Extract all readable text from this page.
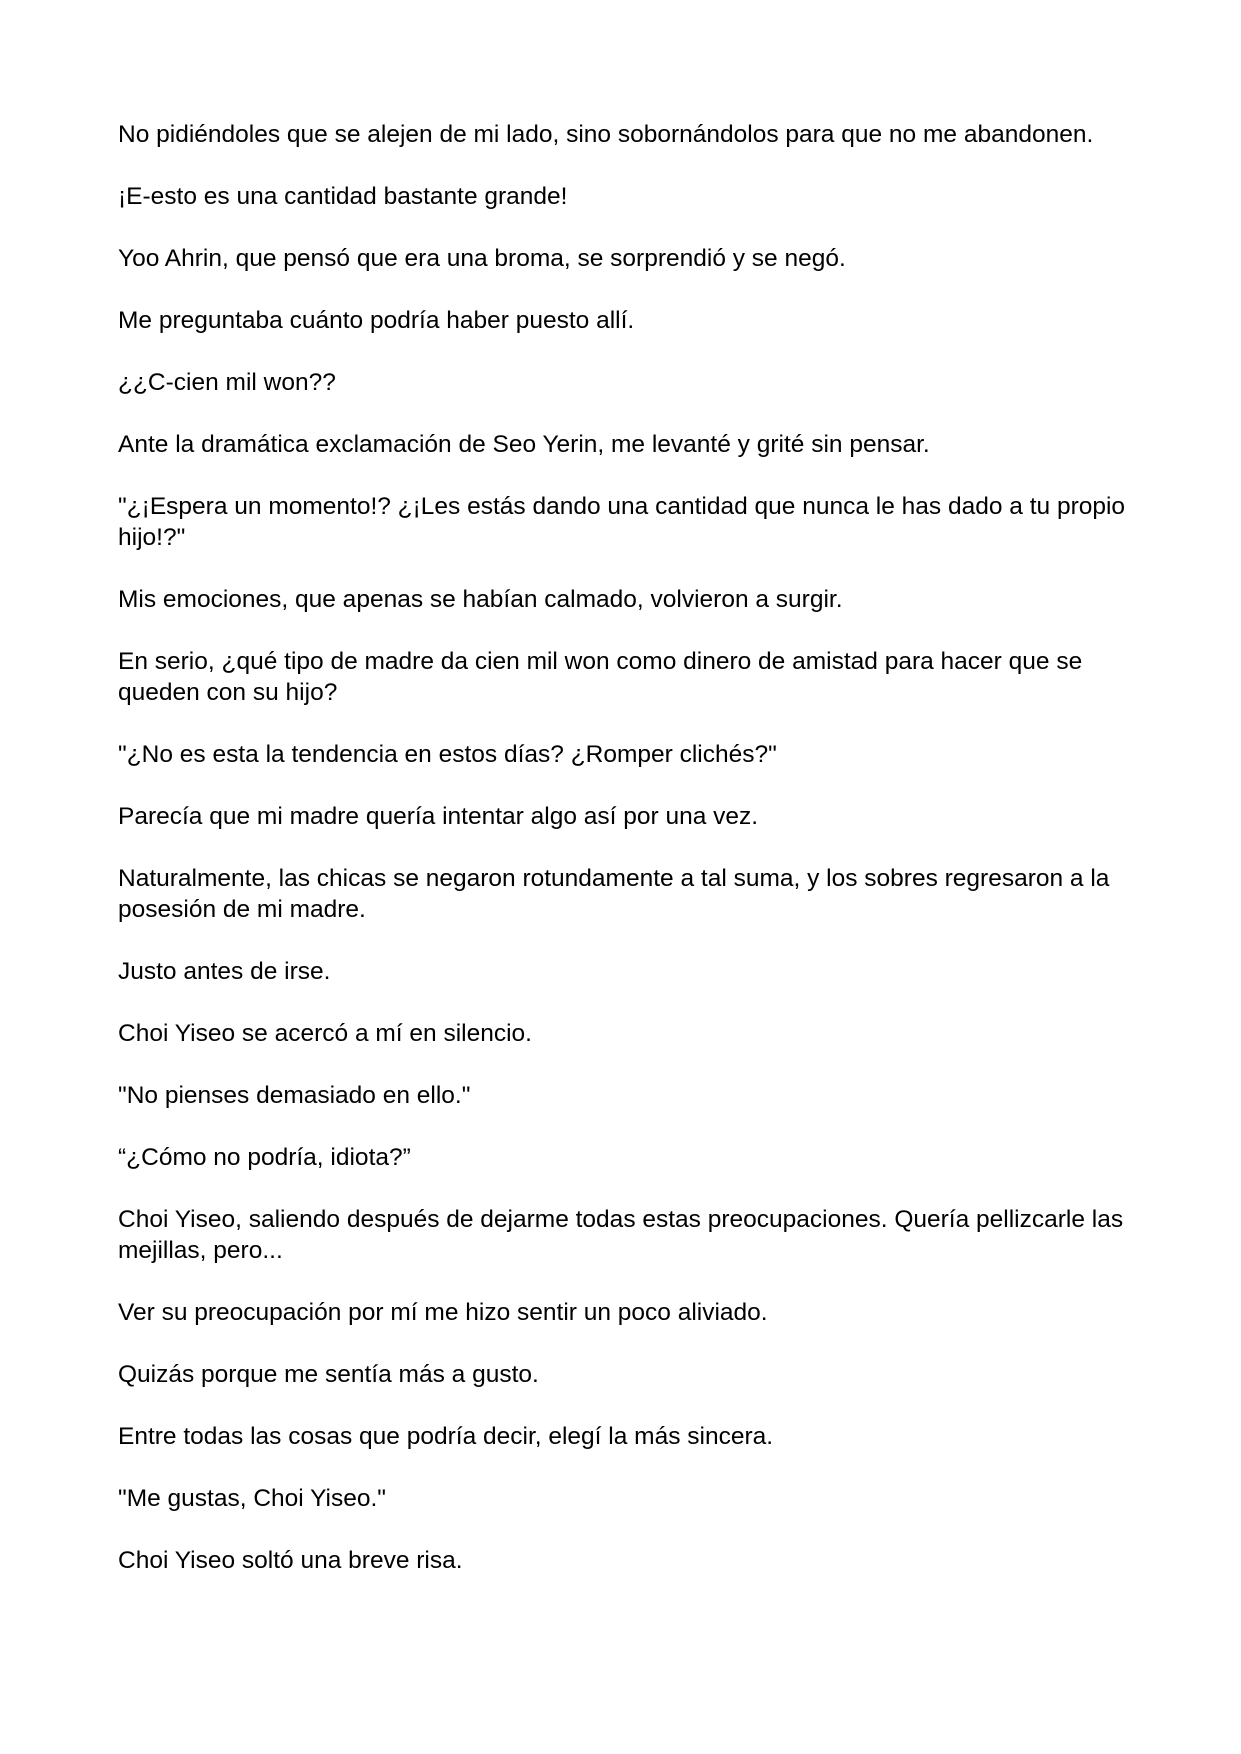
No pidiéndoles que se alejen de mi lado, sino sobornándolos para que no me abandonen.

¡E-esto es una cantidad bastante grande!

Yoo Ahrin, que pensó que era una broma, se sorprendió y se negó.

Me preguntaba cuánto podría haber puesto allí.

¿¿C-cien mil won??

Ante la dramática exclamación de Seo Yerin, me levanté y grité sin pensar.

"¿¡Espera un momento!? ¿¡Les estás dando una cantidad que nunca le has dado a tu propio hijo!?"

Mis emociones, que apenas se habían calmado, volvieron a surgir.

En serio, ¿qué tipo de madre da cien mil won como dinero de amistad para hacer que se queden con su hijo?

"¿No es esta la tendencia en estos días? ¿Romper clichés?"

Parecía que mi madre quería intentar algo así por una vez.

Naturalmente, las chicas se negaron rotundamente a tal suma, y los sobres regresaron a la posesión de mi madre.

Justo antes de irse.

Choi Yiseo se acercó a mí en silencio.

"No pienses demasiado en ello."

“¿Cómo no podría, idiota?”

Choi Yiseo, saliendo después de dejarme todas estas preocupaciones. Quería pellizcarle las mejillas, pero...

Ver su preocupación por mí me hizo sentir un poco aliviado.

Quizás porque me sentía más a gusto.

Entre todas las cosas que podría decir, elegí la más sincera.

"Me gustas, Choi Yiseo."

Choi Yiseo soltó una breve risa.
